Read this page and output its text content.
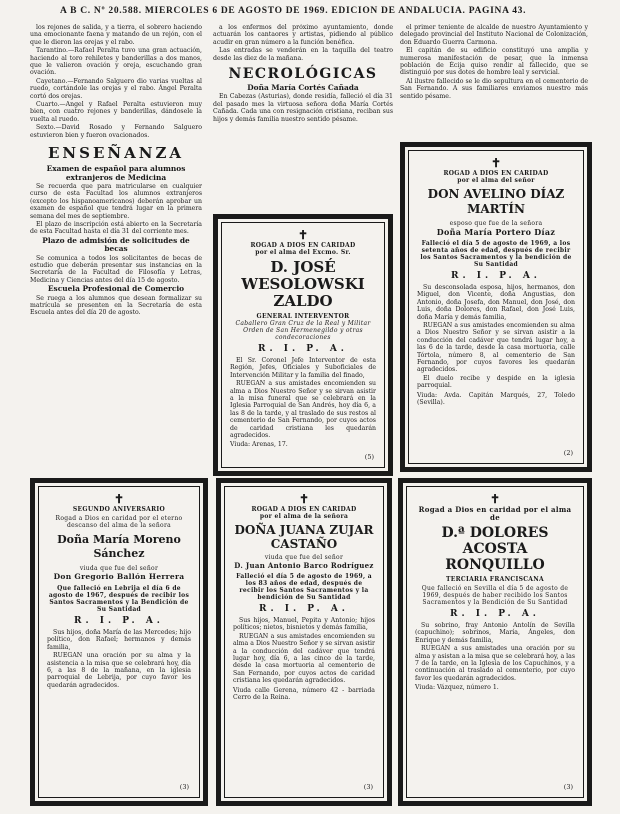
A B C. Nº 20.588. MIÉRCOLES 6 DE AGOSTO DE 1969. EDICIÓN DE ANDALUCÍA. PAGINA 43.

los rejones de salida, y a tierra, el sobrero haciendo una emocionante faena y matando de un rejón, con el que le dieron las orejas y el rabo.

Tarantino.—Rafael Peralta tuvo una gran actuación, haciendo al toro rehiletes y banderillas a dos manos, que le valieron ovación y oreja, escuchando gran ovación.

Cayetano.—Fernando Salguero dio varias vueltas al ruedo, cortándole las orejas y el rabo. Ángel Peralta cortó dos orejas.

Cuarto.—Angel y Rafael Peralta estuvieron muy bien, con cuatro rejones y banderillas, dándosele la vuelta al ruedo.

Sexto.—David Rosado y Fernando Salguero estuvieron bien y fueron ovacionados.

ENSEÑANZA
Examen de español para alumnos extranjeros de Medicina

Se recuerda que para matricularse en cualquier curso de esta Facultad los alumnos extranjeros (excepto los hispanoamericanos) deberán aprobar un examen de español que tendrá lugar en la primera semana del mes de septiembre.

El plazo de inscripción está abierto en la Secretaría de esta Facultad hasta el día 31 del corriente mes.

Plazo de admisión de solicitudes de becas

Se comunica a todos los solicitantes de becas de estudio que deberán presentar sus instancias en la Secretaría de la Facultad de Filosofía y Letras, Medicina y Ciencias antes del día 15 de agosto.

Escuela Profesional de Comercio

Se ruega a los alumnos que desean formalizar su matrícula se presenten en la Secretaría de esta Escuela antes del día 20 de agosto.

a los enfermos del próximo ayuntamiento, donde actuarán los cantaores y artistas, pidiendo al público acudir en gran número a la función benéfica.

Las entradas se venderán en la taquilla del teatro desde las diez de la mañana.

NECROLÓGICAS
Doña María Cortés Cañada

En Cabezas (Asturias), donde residía, falleció el día 31 del pasado mes la virtuosa señora doña María Cortés Cañada. Cada una con resignación cristiana, reciban sus hijos y demás familia nuestro sentido pésame.

el primer teniente de alcalde de nuestro Ayuntamiento y delegado provincial del Instituto Nacional de Colonización, don Eduardo Guerra Carmona.

El capitán de su edificio constituyó una amplia y numerosa manifestación de pesar, que la inmensa población de Écija quiso rendir al fallecido, que se distinguió por sus dotes de hombre leal y servicial.

Al ilustre fallecido se le dio sepultura en el cementerio de San Fernando. A sus familiares enviamos nuestro más sentido pésame.

✝
ROGAD A DIOS EN CARIDAD
por el alma del Excmo. Sr.
D. JOSÉ WESOLOWSKI ZALDO
GENERAL INTERVENTOR
Caballero Gran Cruz de la Real y Militar Orden de San Hermenegildo y otras condecoraciones
R. I. P. A.

El Sr. Coronel Jefe Interventor de esta Región, Jefes, Oficiales y Suboficiales de Intervención Militar y la familia del finado,

RUEGAN a sus amistades encomienden su alma a Dios Nuestro Señor y se sirvan asistir a la misa funeral que se celebrará en la Iglesia Parroquial de San Andrés, hoy día 6, a las 8 de la tarde, y al traslado de sus restos al cementerio de San Fernando, por cuyos actos de caridad cristiana les quedarán agradecidos.

Viuda: Arenas, 17.
(5)
✝
ROGAD A DIOS EN CARIDAD
por el alma del señor
DON AVELINO DÍAZ MARTÍN
esposo que fue de la señora
Doña María Portero Díaz
Falleció el día 5 de agosto de 1969, a los setenta años de edad, después de recibir los Santos Sacramentos y la bendición de Su Santidad
R. I. P. A.

Su desconsolada esposa, hijos, hermanos, don Miguel, don Vicente, doña Angustias, don Antonio, doña Josefa, don Manuel, don José, don Luis, doña Dolores, don Rafael, don José Luis, doña María y demás familia,

RUEGAN a sus amistades encomienden su alma a Dios Nuestro Señor y se sirvan asistir a la conducción del cadáver que tendrá lugar hoy, a las 6 de la tarde, desde la casa mortuoria, calle Tórtola, número 8, al cementerio de San Fernando, por cuyos favores les quedarán agradecidos.

El duelo recibe y despide en la iglesia parroquial.

Viuda: Avda. Capitán Marqués, 27, Toledo (Sevilla).
(2)
✝
SEGUNDO ANIVERSARIO
Rogad a Dios en caridad por el eterno descanso del alma de la señora
Doña María Moreno Sánchez
viuda que fue del señor
Don Gregorio Ballón Herrera
Que falleció en Lebrija el día 6 de agosto de 1967, después de recibir los Santos Sacramentos y la Bendición de Su Santidad
R. I. P. A.

Sus hijos, doña María de las Mercedes; hijo político, don Rafael; hermanos y demás familia,

RUEGAN una oración por su alma y la asistencia a la misa que se celebrará hoy, día 6, a las 8 de la mañana, en la iglesia parroquial de Lebrija, por cuyo favor les quedarán agradecidos.

(3)
✝
ROGAD A DIOS EN CARIDAD
por el alma de la señora
DOÑA JUANA ZUJAR CASTAÑO
viuda que fue del señor
D. Juan Antonio Barco Rodríguez
Falleció el día 5 de agosto de 1969, a los 83 años de edad, después de recibir los Santos Sacramentos y la bendición de Su Santidad
R. I. P. A.

Sus hijos, Manuel, Pepita y Antonio; hijos políticos; nietos, bisnietos y demás familia,

RUEGAN a sus amistades encomienden su alma a Dios Nuestro Señor y se sirvan asistir a la conducción del cadáver que tendrá lugar hoy, día 6, a las cinco de la tarde, desde la casa mortuoria al cementerio de San Fernando, por cuyos actos de caridad cristiana les quedarán agradecidos.

Viuda calle Gerena, número 42 - barriada Cerro de la Reina.
(3)
✝
Rogad a Dios en caridad por el alma de
D.ª DOLORES ACOSTA RONQUILLO
TERCIARIA FRANCISCANA
Que falleció en Sevilla el día 5 de agosto de 1969, después de haber recibido los Santos Sacramentos y la Bendición de Su Santidad
R. I. P. A.

Su sobrino, fray Antonio Antolín de Sevilla (capuchino); sobrinos, María, Ángeles, don Enrique y demás familia,

RUEGAN a sus amistades una oración por su alma y asistan a la misa que se celebrará hoy, a las 7 de la tarde, en la Iglesia de los Capuchinos, y a continuación al traslado al cementerio, por cuyo favor les quedarán agradecidos.

Viuda: Vázquez, número 1.
(3)
